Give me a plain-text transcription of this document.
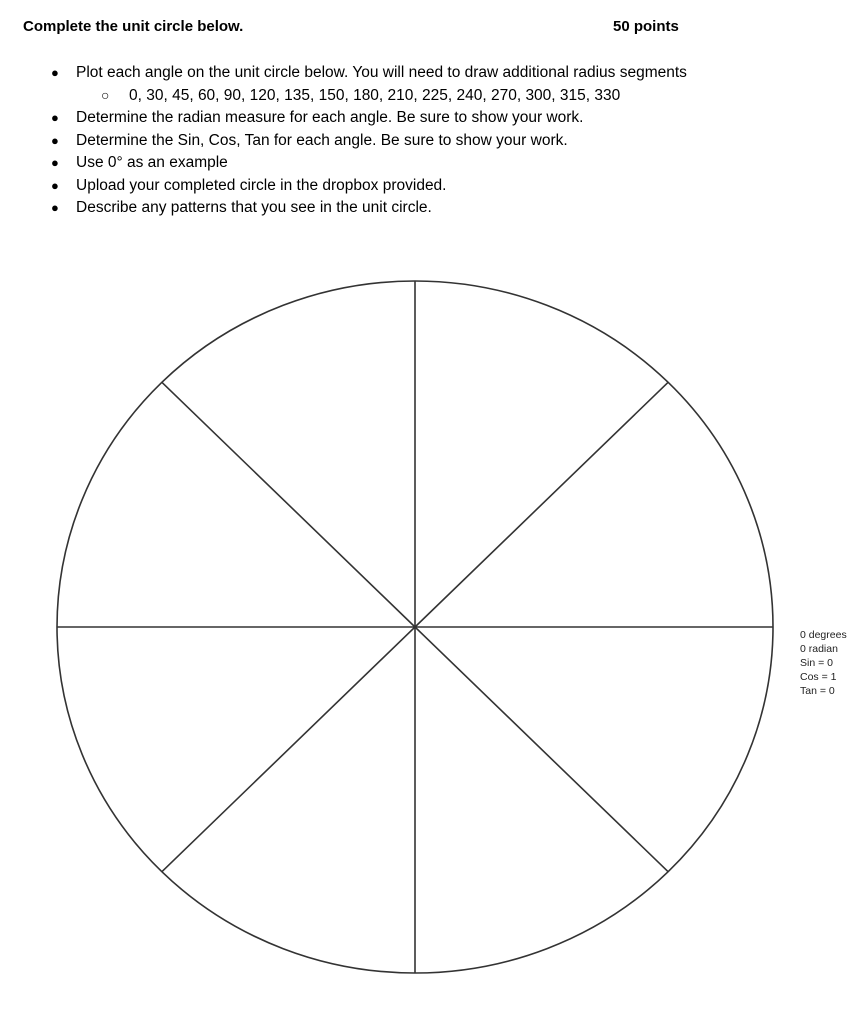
Complete the unit circle below.	50 points
● Plot each angle on the unit circle below. You will need to draw additional radius segments
○ 0, 30, 45, 60, 90, 120, 135, 150, 180, 210, 225, 240, 270, 300, 315, 330
● Determine the radian measure for each angle. Be sure to show your work.
● Determine the Sin, Cos, Tan for each angle. Be sure to show your work.
● Use 0° as an example
● Upload your completed circle in the dropbox provided.
● Describe any patterns that you see in the unit circle.
0 degrees
0 radian
Sin = 0
Cos = 1
Tan = 0
